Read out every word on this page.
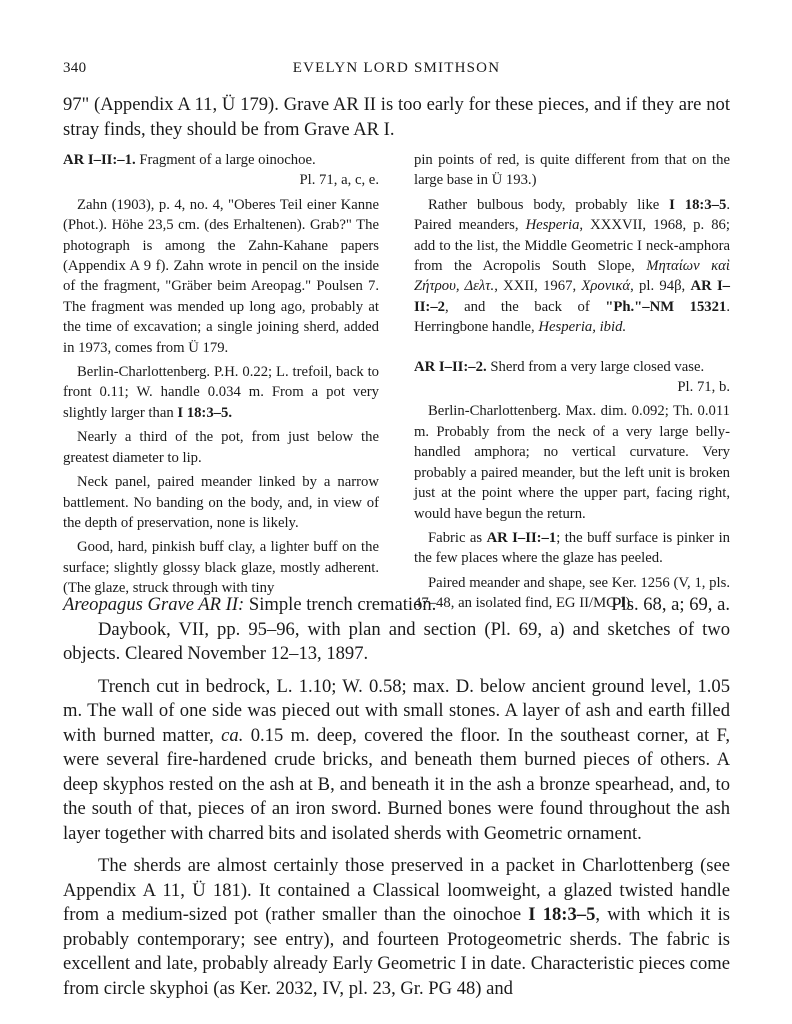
340	EVELYN LORD SMITHSON
97" (Appendix A 11, Ü 179). Grave AR II is too early for these pieces, and if they are not stray finds, they should be from Grave AR I.

AR I–II:–1. Fragment of a large oinochoe.

Pl. 71, a, c, e.

Zahn (1903), p. 4, no. 4, "Oberes Teil einer Kanne (Phot.). Höhe 23,5 cm. (des Erhaltenen). Grab?" The photograph is among the Zahn-Kahane papers (Appendix A 9 f). Zahn wrote in pencil on the inside of the fragment, "Gräber beim Areopag." Poulsen 7. The fragment was mended up long ago, probably at the time of excavation; a single joining sherd, added in 1973, comes from Ü 179.

Berlin-Charlottenberg. P.H. 0.22; L. trefoil, back to front 0.11; W. handle 0.034 m. From a pot very slightly larger than I 18:3–5.

Nearly a third of the pot, from just below the greatest diameter to lip.

Neck panel, paired meander linked by a narrow battlement. No banding on the body, and, in view of the depth of preservation, none is likely.

Good, hard, pinkish buff clay, a lighter buff on the surface; slightly glossy black glaze, mostly adherent. (The glaze, struck through with tiny

pin points of red, is quite different from that on the large base in Ü 193.)

Rather bulbous body, probably like I 18:3–5. Paired meanders, Hesperia, XXXVII, 1968, p. 86; add to the list, the Middle Geometric I neck-amphora from the Acropolis South Slope, Μηταίων καὶ Ζήτρου, Δελτ., XXII, 1967, Χρονικά, pl. 94β, AR I–II:–2, and the back of "Ph."–NM 15321. Herringbone handle, Hesperia, ibid.

AR I–II:–2. Sherd from a very large closed vase.

Pl. 71, b.

Berlin-Charlottenberg. Max. dim. 0.092; Th. 0.011 m. Probably from the neck of a very large belly-handled amphora; no vertical curvature. Very probably a paired meander, but the left unit is broken just at the point where the upper part, facing right, would have begun the return.

Fabric as AR I–II:–1; the buff surface is pinker in the few places where the glaze has peeled.

Paired meander and shape, see Ker. 1256 (V, 1, pls. 47–48, an isolated find, EG II/MG I).

Areopagus Grave AR II: Simple trench cremation.	Pls. 68, a; 69, a.

Daybook, VII, pp. 95–96, with plan and section (Pl. 69, a) and sketches of two objects. Cleared November 12–13, 1897.

Trench cut in bedrock, L. 1.10; W. 0.58; max. D. below ancient ground level, 1.05 m. The wall of one side was pieced out with small stones. A layer of ash and earth filled with burned matter, ca. 0.15 m. deep, covered the floor. In the southeast corner, at F, were several fire-hardened crude bricks, and beneath them burned pieces of others. A deep skyphos rested on the ash at B, and beneath it in the ash a bronze spearhead, and, to the south of that, pieces of an iron sword. Burned bones were found throughout the ash layer together with charred bits and isolated sherds with Geometric ornament.

The sherds are almost certainly those preserved in a packet in Charlottenberg (see Appendix A 11, Ü 181). It contained a Classical loomweight, a glazed twisted handle from a medium-sized pot (rather smaller than the oinochoe I 18:3–5, with which it is probably contemporary; see entry), and fourteen Protogeometric sherds. The fabric is excellent and late, probably already Early Geometric I in date. Characteristic pieces come from circle skyphoi (as Ker. 2032, IV, pl. 23, Gr. PG 48) and
